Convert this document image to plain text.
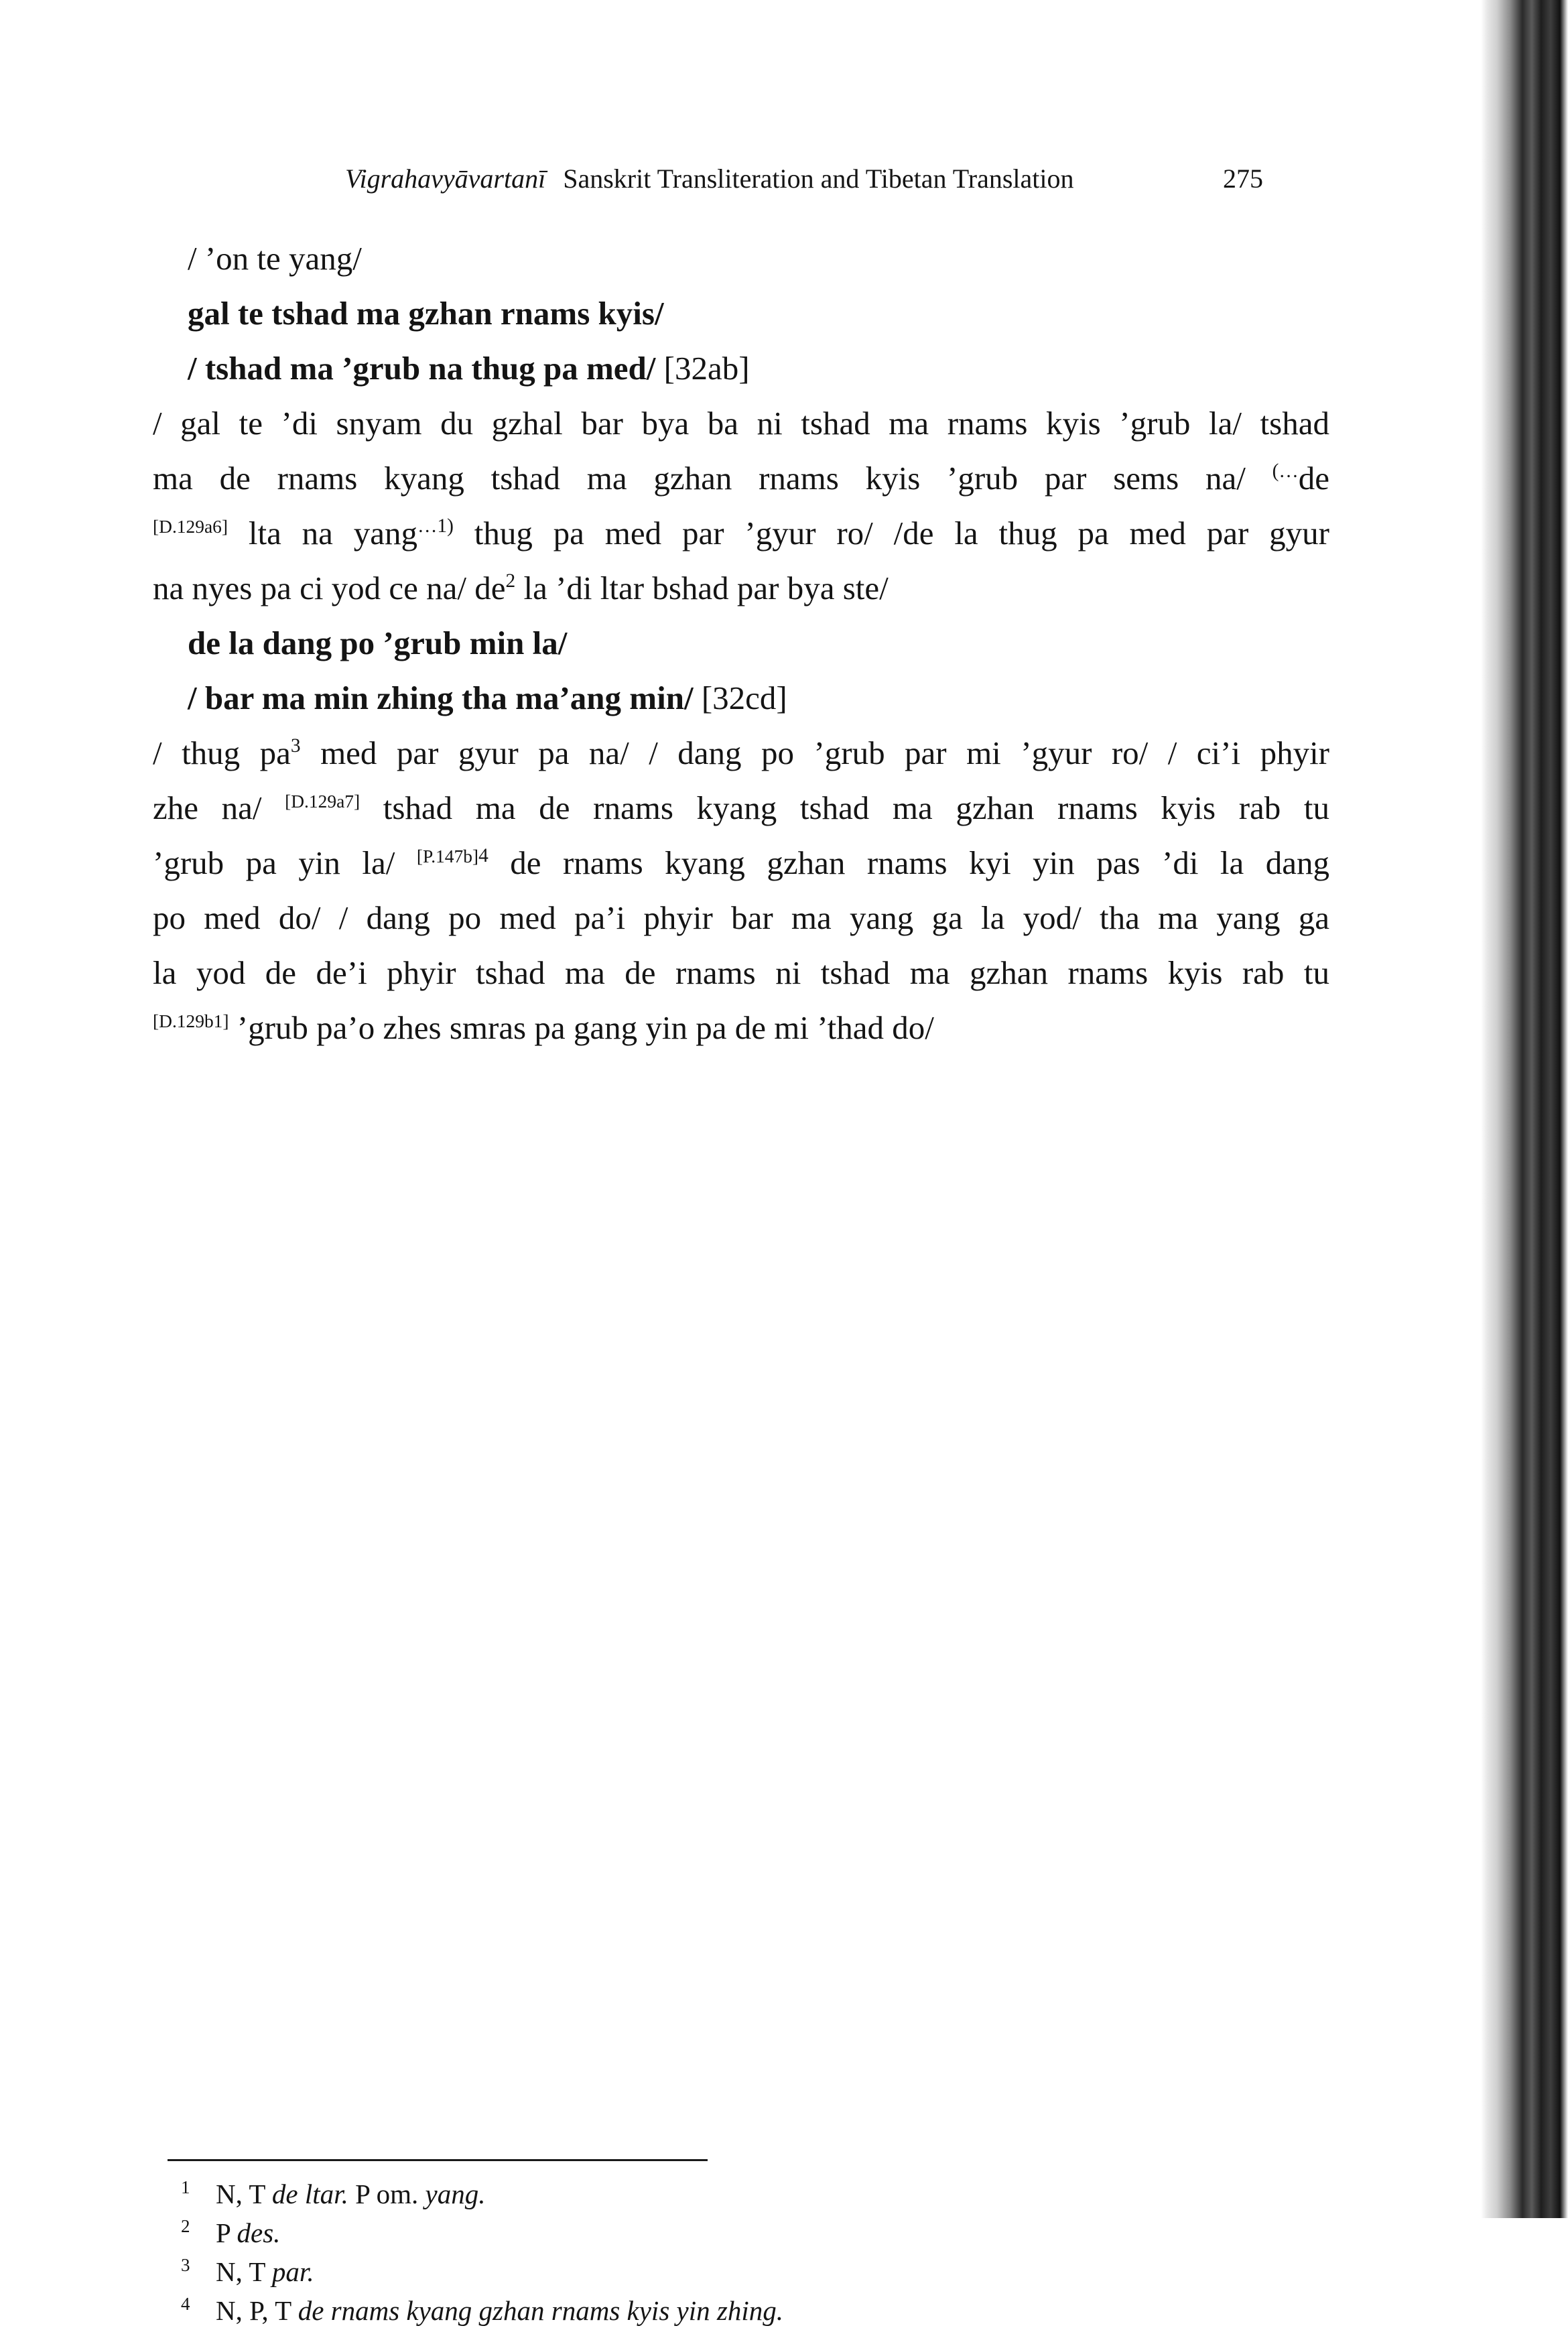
Vigrahavyāvartanī Sanskrit Transliteration and Tibetan Translation	275
/ ’on te yang/
gal te tshad ma gzhan rnams kyis/
/ tshad ma ’grub na thug pa med/ [32ab]
/ gal te ’di snyam du gzhal bar bya ba ni tshad ma rnams kyis ’grub la/ tshad
ma de rnams kyang tshad ma gzhan rnams kyis ’grub par sems na/ (…de
[D.129a6] lta na yang$^{\dots 1)}$ thug pa med par ’gyur ro/ /de la thug pa med par gyur
na nyes pa ci yod ce na/ $de^2$ la ’di ltar bshad par bya ste/
de la dang po ’grub min la/
/ bar ma min zhing tha ma’ang min/ [32cd]
/ thug $pa^3$ med par gyur pa na/ / dang po ’grub par mi ’gyur ro/ / ci’i phyir
zhe na/ [D.129a7] tshad ma de rnams kyang tshad ma gzhan rnams kyis rab tu
’grub pa yin la/ $^{[P.147b]4}$ de rnams kyang gzhan rnams kyi yin pas ’di la dang
po med do/ / dang po med pa’i phyir bar ma yang ga la yod/ tha ma yang ga
la yod de de’i phyir tshad ma de rnams ni tshad ma gzhan rnams kyis rab tu
[D.129b1] ’grub pa’o zhes smras pa gang yin pa de mi ’thad do/
1 N, T de ltar. P om. yang.
2 P des.
3 N, T par.
4 N, P, T de rnams kyang gzhan rnams kyis yin zhing.
